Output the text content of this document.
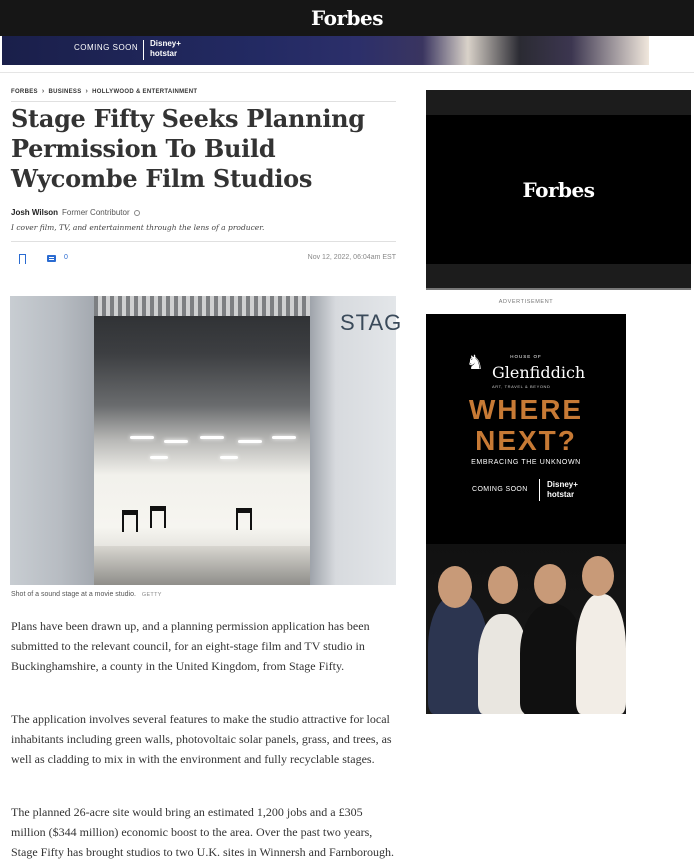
Forbes
COMING SOON Disney+
hotstar
FORBES › BUSINESS › HOLLYWOOD & ENTERTAINMENT
Stage Fifty Seeks Planning Permission To Build Wycombe Film Studios
Josh Wilson Former Contributor
I cover film, TV, and entertainment through the lens of a producer.
0	Nov 12, 2022, 06:04am EST
STAG
Shot of a sound stage at a movie studio. GETTY

Plans have been drawn up, and a planning permission application has been submitted to the relevant council, for an eight-stage film and TV studio in Buckinghamshire, a county in the United Kingdom, from Stage Fifty.

The application involves several features to make the studio attractive for local inhabitants including green walls, photovoltaic solar panels, grass, and trees, as well as cladding to mix in with the environment and fully recyclable stages.

The planned 26-acre site would bring an estimated 1,200 jobs and a £305 million ($344 million) economic boost to the area. Over the past two years, Stage Fifty has brought studios to two U.K. sites in Winnersh and Farnborough.

Forbes
ADVERTISEMENT
♞	HOUSE OF
Glenfiddich
ART, TRAVEL & BEYOND
WHERE
NEXT?
EMBRACING THE UNKNOWN
COMING SOON
Disney+
hotstar
